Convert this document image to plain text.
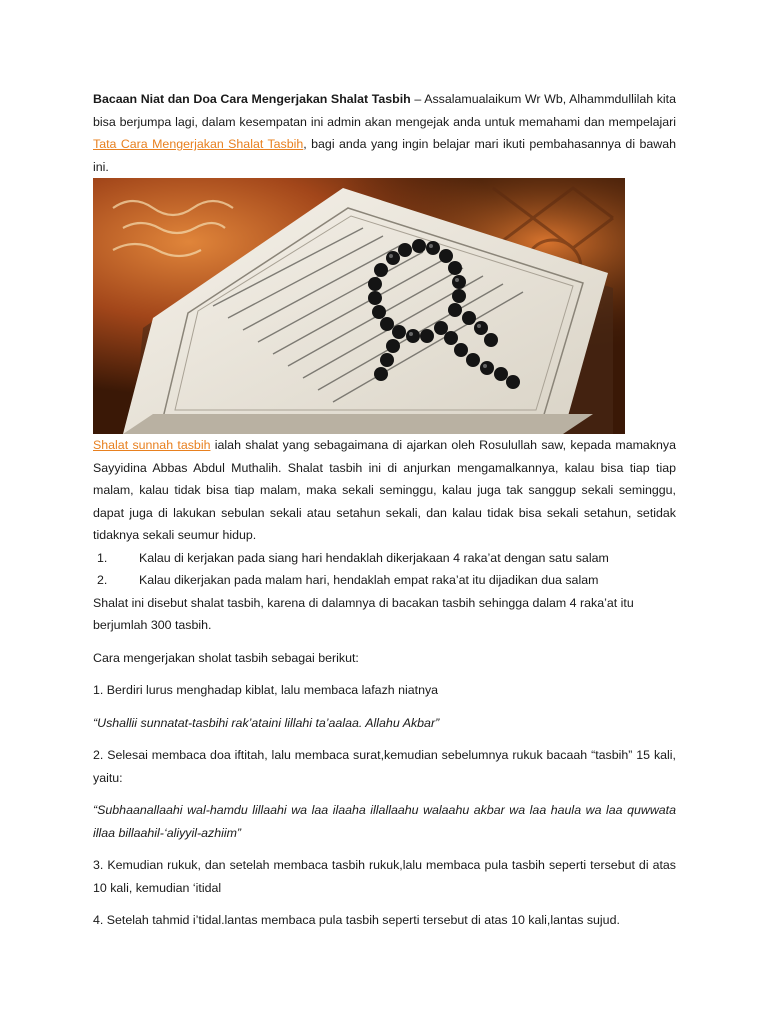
Bacaan Niat dan Doa Cara Mengerjakan Shalat Tasbih – Assalamualaikum Wr Wb, Alhammdullilah kita bisa berjumpa lagi, dalam kesempatan ini admin akan mengejak anda untuk memahami dan mempelajari Tata Cara Mengerjakan Shalat Tasbih, bagi anda yang ingin belajar mari ikuti pembahasannya di bawah ini.

Shalat sunnah tasbih ialah shalat yang sebagaimana di ajarkan oleh Rosulullah saw, kepada mamaknya Sayyidina Abbas Abdul Muthalih. Shalat tasbih ini di anjurkan mengamalkannya, kalau bisa tiap tiap malam, kalau tidak bisa tiap malam, maka sekali seminggu, kalau juga tak sanggup sekali seminggu, dapat juga di lakukan sebulan sekali atau setahun sekali, dan kalau tidak bisa sekali setahun, setidak tidaknya sekali seumur hidup.

1.	Kalau di kerjakan pada siang hari hendaklah dikerjakaan 4 raka’at dengan satu salam
2.	Kalau dikerjakan pada malam hari, hendaklah empat raka’at itu dijadikan dua salam

Shalat ini disebut shalat tasbih, karena di dalamnya di bacakan tasbih sehingga dalam 4 raka’at itu berjumlah 300 tasbih.

Cara mengerjakan sholat tasbih sebagai berikut:

1. Berdiri lurus menghadap kiblat, lalu membaca lafazh niatnya

“Ushallii sunnatat-tasbihi rak’ataini lillahi ta’aalaa. Allahu Akbar”

2. Selesai membaca doa iftitah, lalu membaca surat,kemudian sebelumnya rukuk bacaah “tasbih” 15 kali, yaitu:

“Subhaanallaahi wal-hamdu lillaahi wa laa ilaaha illallaahu walaahu akbar wa laa haula wa laa quwwata illaa billaahil-‘aliyyil-azhiim”

3. Kemudian rukuk, dan setelah membaca tasbih rukuk,lalu membaca pula tasbih seperti tersebut di atas 10 kali, kemudian ‘itidal

4. Setelah tahmid i’tidal.lantas membaca pula tasbih seperti tersebut di atas 10 kali,lantas sujud.
